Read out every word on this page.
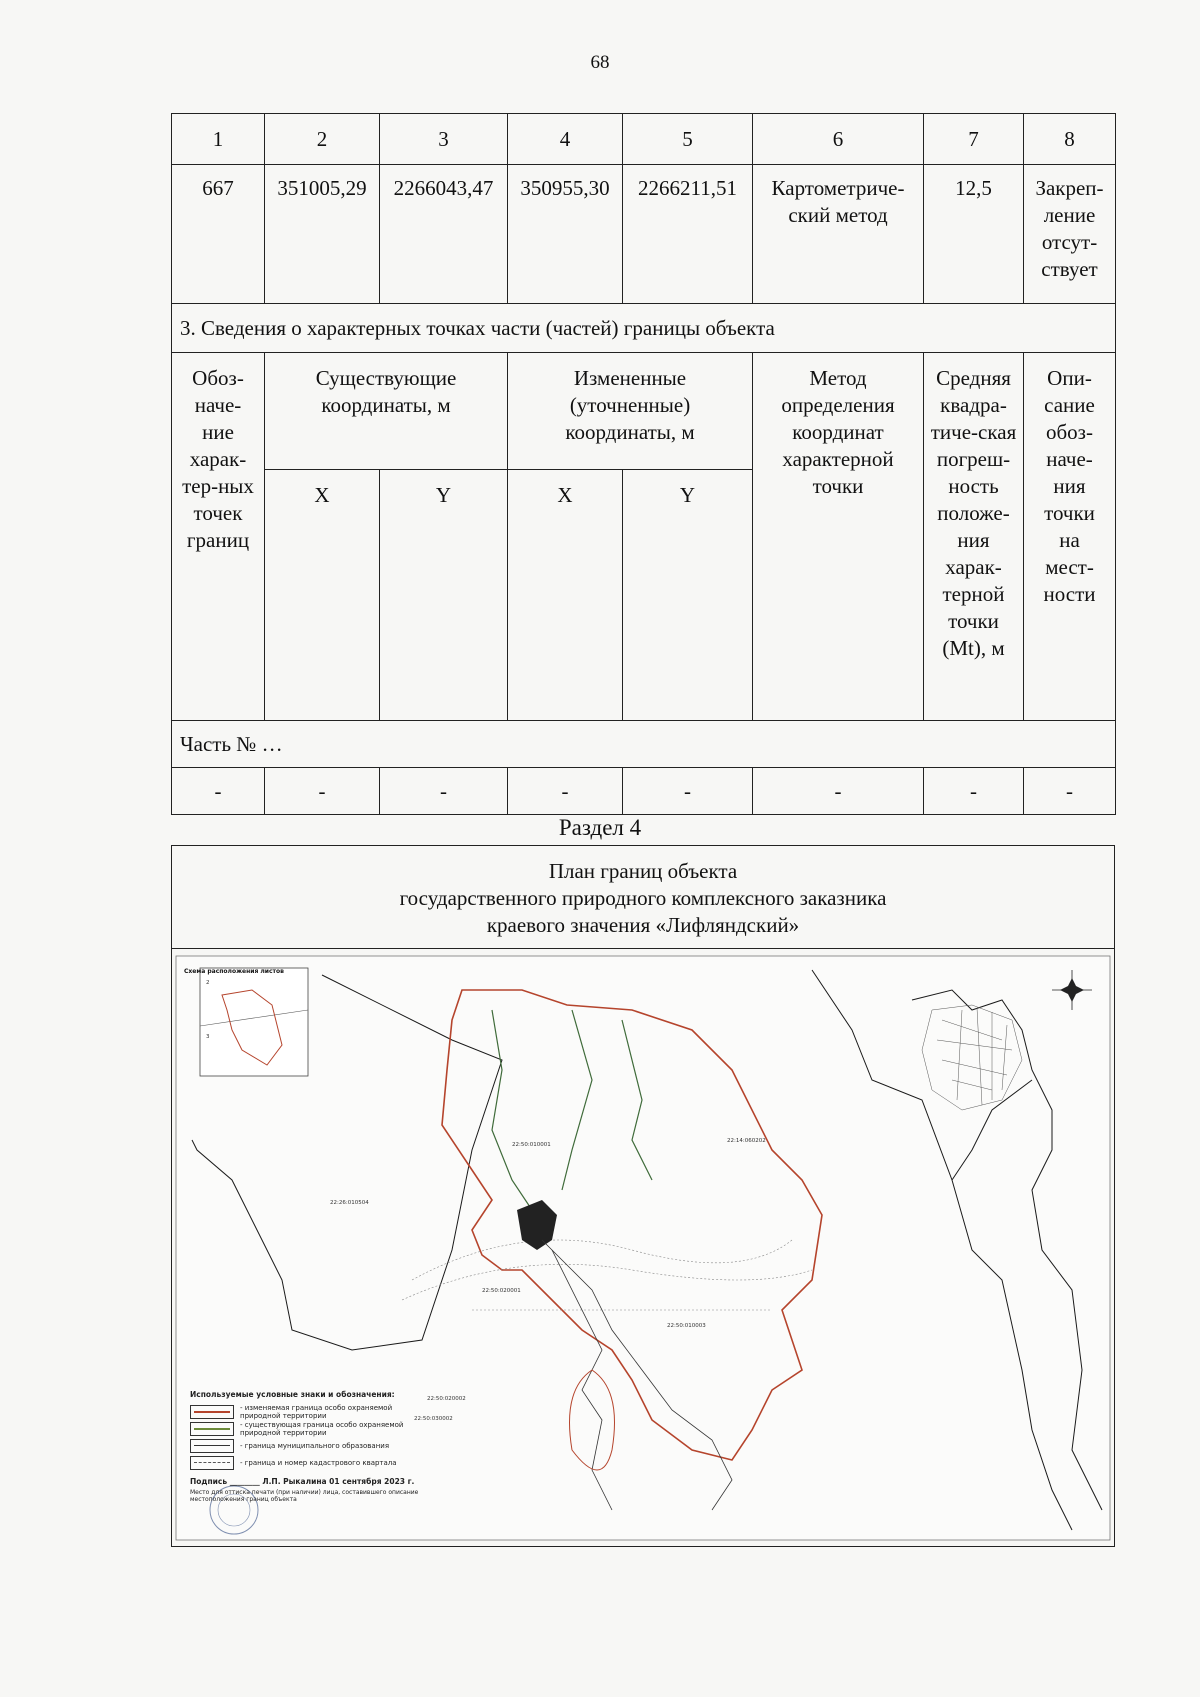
68
1	2	3	4	5	6	7	8
667	351005,29	2266043,47	350955,30	2266211,51	Картометриче-ский метод	12,5	Закреп-ление отсут-ствует
3. Сведения о характерных точках части (частей) границы объекта							
Обоз-наче-ние харак-тер-ных точек границ	Существующие координаты, м		Измененные (уточненные) координаты, м		Метод определения координат характерной точки	Средняя квадра-тиче-ская погреш-ность положе-ния харак-терной точки (Mt), м	Опи-сание обоз-наче-ния точки на мест-ности
	X	Y	X	Y			
Часть № …							
-	-	-	-	-	-	-	-
Раздел 4
План границ объекта
государственного природного комплексного заказника
краевого значения «Лифляндский»
2
3
22:26:010504
22:50:010001
22:14:060202
22:50:020001
22:50:010003
22:50:020002
22:50:030002
Схема расположения листов
Используемые условные знаки и обозначения:
- изменяемая граница особо охраняемой природной территории
- существующая граница особо охраняемой природной территории
- граница муниципального образования
- граница и номер кадастрового квартала
Подпись ________ Л.П. Рыкалина 01 сентября 2023 г.
Место для оттиска печати (при наличии) лица, составившего описание местоположения границ объекта
